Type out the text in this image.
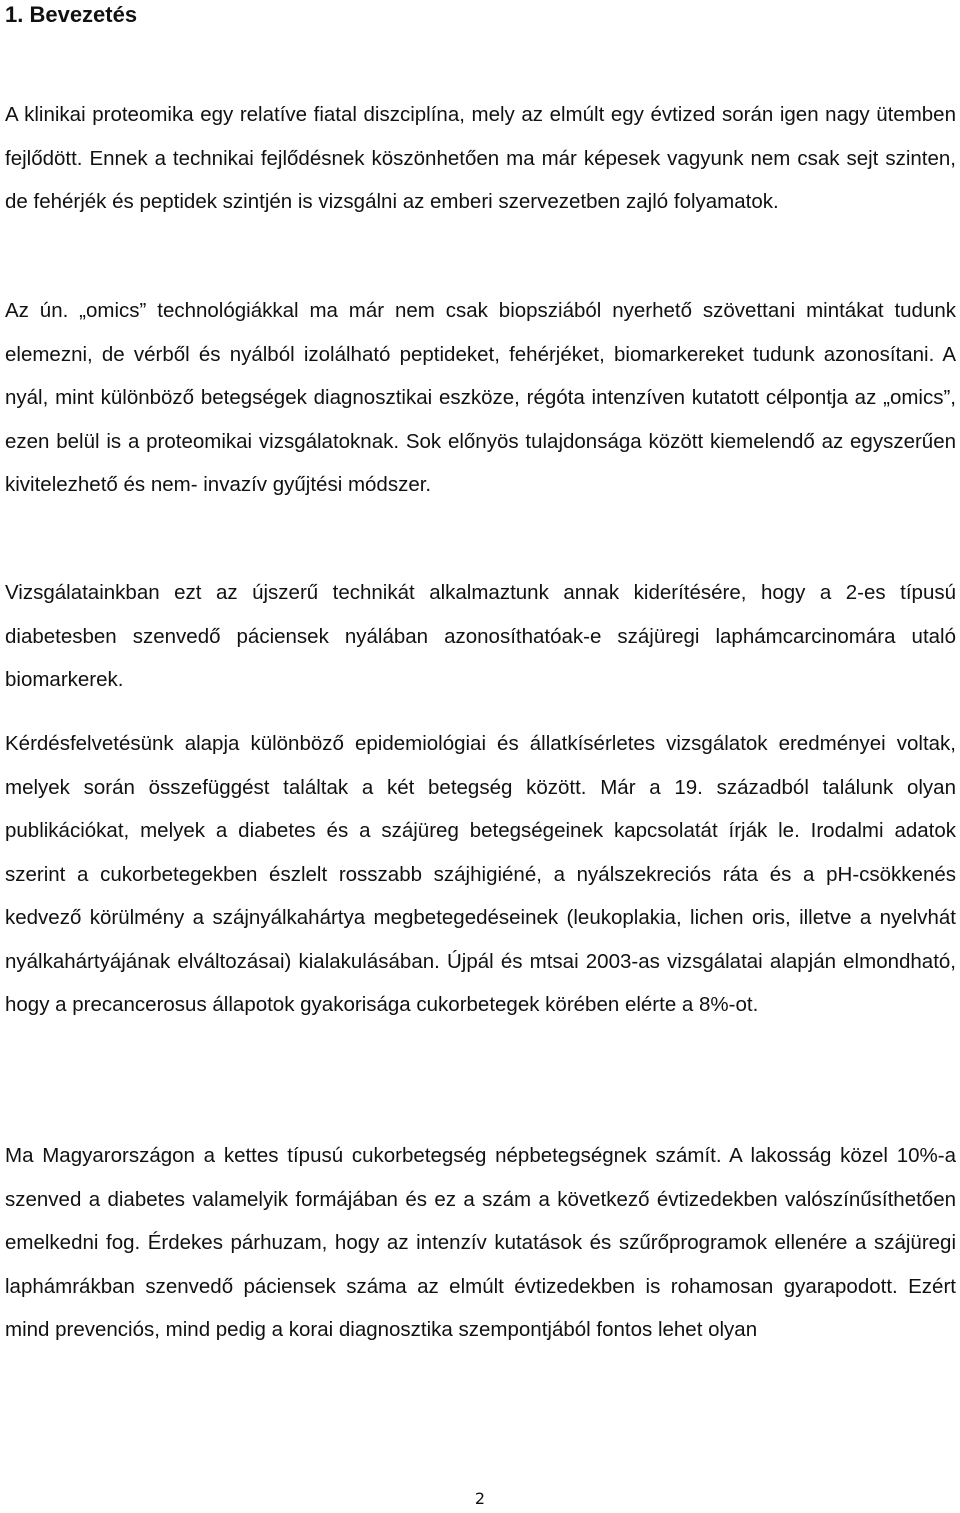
1. Bevezetés

A klinikai proteomika egy relatíve fiatal diszciplína, mely az elmúlt egy évtized során igen nagy ütemben fejlődött. Ennek a technikai fejlődésnek köszönhetően ma már képesek vagyunk nem csak sejt szinten, de fehérjék és peptidek szintjén is vizsgálni az emberi szervezetben zajló folyamatok.

Az ún. „omics” technológiákkal ma már nem csak biopsziából nyerhető szövettani mintákat tudunk elemezni, de vérből és nyálból izolálható peptideket, fehérjéket, biomarkereket tudunk azonosítani. A nyál, mint különböző betegségek diagnosztikai eszköze, régóta intenzíven kutatott célpontja az „omics”, ezen belül is a proteomikai vizsgálatoknak. Sok előnyös tulajdonsága között kiemelendő az egyszerűen kivitelezhető és nem- invazív gyűjtési módszer.

Vizsgálatainkban ezt az újszerű technikát alkalmaztunk annak kiderítésére, hogy a 2-es típusú diabetesben szenvedő páciensek nyálában azonosíthatóak-e szájüregi laphámcarcinomára utaló biomarkerek.

Kérdésfelvetésünk alapja különböző epidemiológiai és állatkísérletes vizsgálatok eredményei voltak, melyek során összefüggést találtak a két betegség között. Már a 19. századból találunk olyan publikációkat, melyek a diabetes és a szájüreg betegségeinek kapcsolatát írják le. Irodalmi adatok szerint a cukorbetegekben észlelt rosszabb szájhigiéné, a nyálszekreciós ráta és a pH-csökkenés kedvező körülmény a szájnyálkahártya megbetegedéseinek (leukoplakia, lichen oris, illetve a nyelvhát nyálkahártyájának elváltozásai) kialakulásában. Újpál és mtsai 2003-as vizsgálatai alapján elmondható, hogy a precancerosus állapotok gyakorisága cukorbetegek körében elérte a 8%-ot.

Ma Magyarországon a kettes típusú cukorbetegség népbetegségnek számít. A lakosság közel 10%-a szenved a diabetes valamelyik formájában és ez a szám a következő évtizedekben valószínűsíthetően emelkedni fog. Érdekes párhuzam, hogy az intenzív kutatások és szűrőprogramok ellenére a szájüregi laphámrákban szenvedő páciensek száma az elmúlt évtizedekben is rohamosan gyarapodott. Ezért mind prevenciós, mind pedig a korai diagnosztika szempontjából fontos lehet olyan

2
